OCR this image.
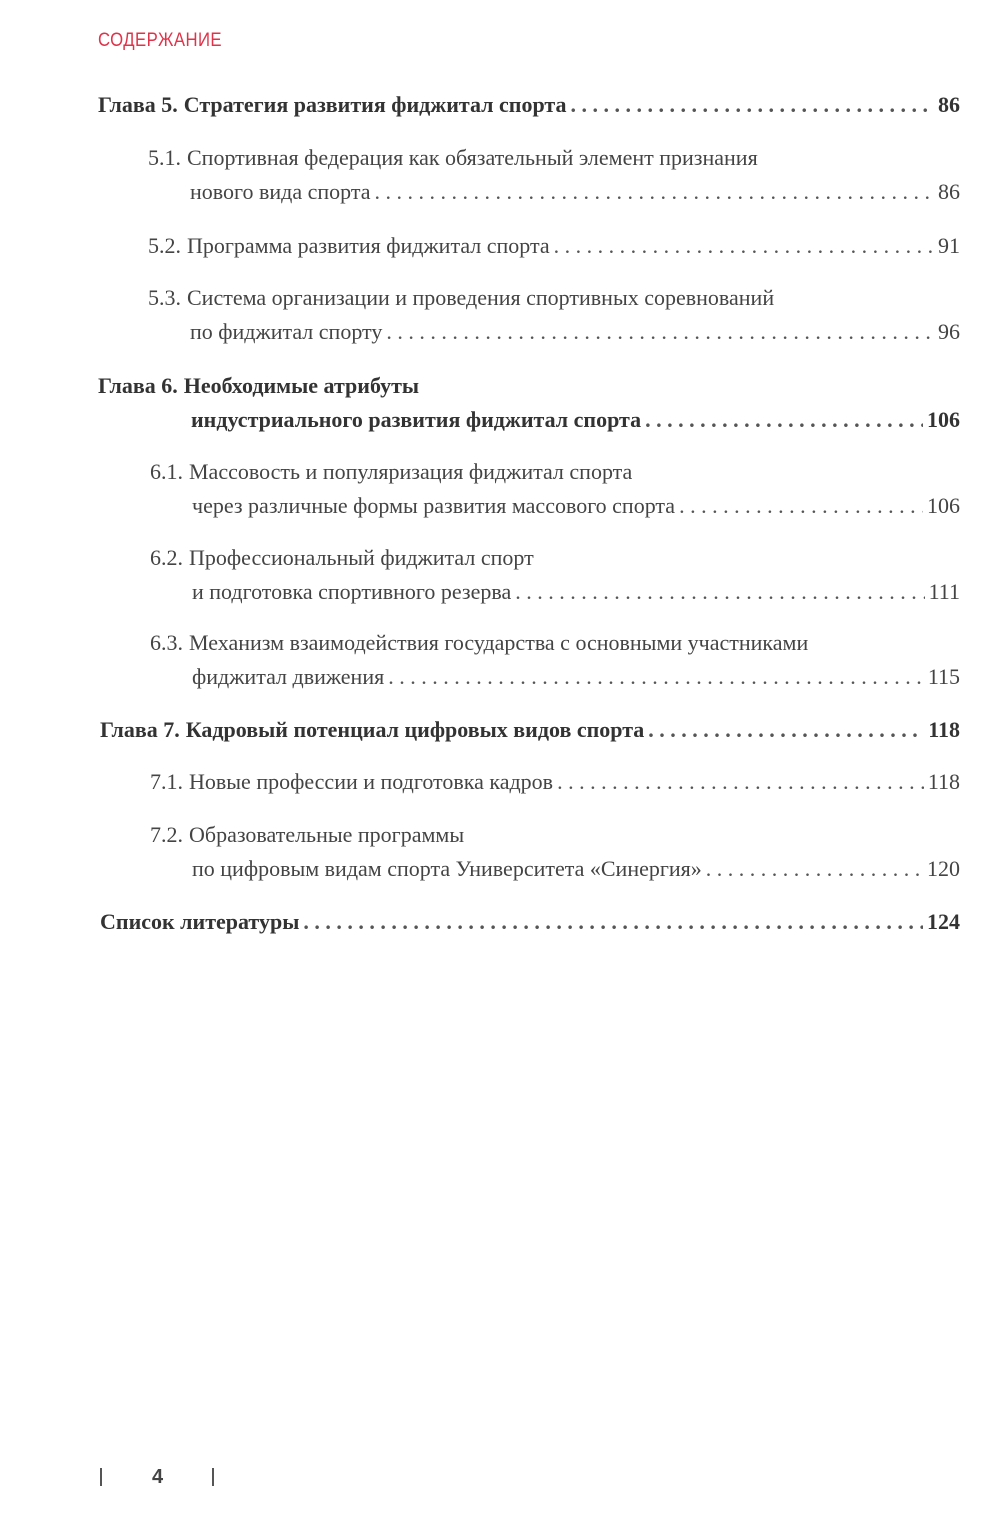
СОДЕРЖАНИЕ
Глава 5. Стратегия развития фиджитал спорта . . .	86
5.1. Спортивная федерация как обязательный элемент признания
нового вида спорта . . .	86
5.2. Программа развития фиджитал спорта . . .	91
5.3. Система организации и проведения спортивных соревнований
по фиджитал спорту . . .	96
Глава 6. Необходимые атрибуты
индустриального развития фиджитал спорта . . .	106
6.1. Массовость и популяризация фиджитал спорта
через различные формы развития массового спорта . . .	106
6.2. Профессиональный фиджитал спорт
и подготовка спортивного резерва . . .	111
6.3. Механизм взаимодействия государства с основными участниками
фиджитал движения . . .	115
Глава 7. Кадровый потенциал цифровых видов спорта . . .	118
7.1. Новые профессии и подготовка кадров . . .	118
7.2. Образовательные программы
по цифровым видам спорта Университета «Синергия» . . .	120
Список литературы . . .	124
4
